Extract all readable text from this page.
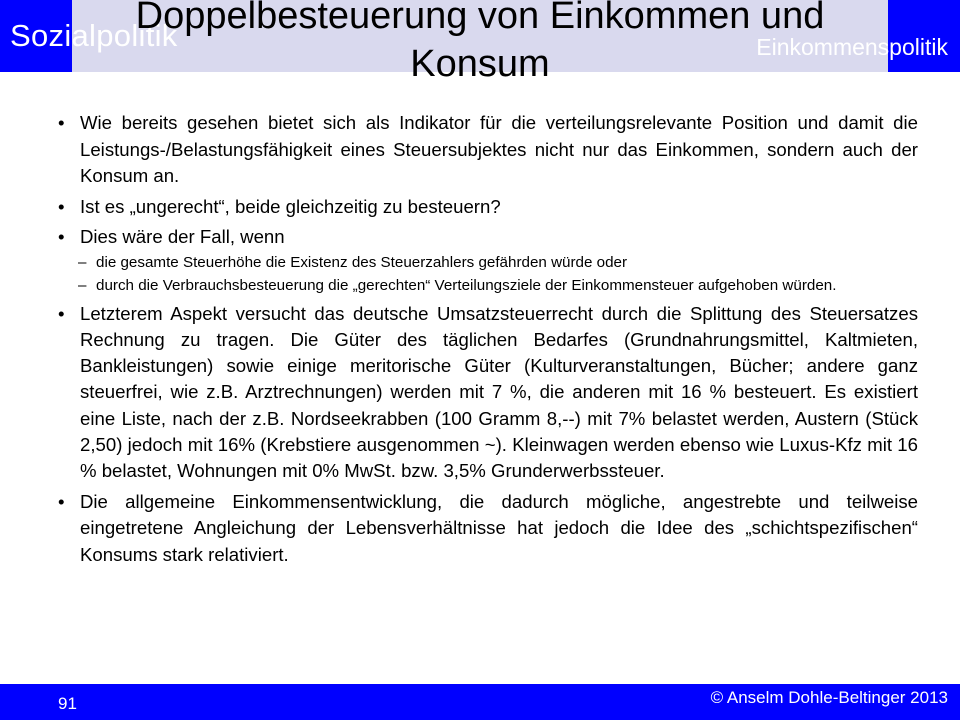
Sozialpolitik	Einkommenspolitik
Doppelbesteuerung von Einkommen und Konsum
• Wie bereits gesehen bietet sich als Indikator für die verteilungsrelevante Position und damit die Leistungs-/Belastungsfähigkeit eines Steuersubjektes nicht nur das Einkommen, sondern auch der Konsum an.
• Ist es „ungerecht“, beide gleichzeitig zu besteuern?
• Dies wäre der Fall, wenn
– die gesamte Steuerhöhe die Existenz des Steuerzahlers gefährden würde oder
– durch die Verbrauchsbesteuerung die „gerechten“ Verteilungsziele der Einkommensteuer aufgehoben würden.
• Letzterem Aspekt versucht das deutsche Umsatzsteuerrecht durch die Splittung des Steuersatzes Rechnung zu tragen. Die Güter des täglichen Bedarfes (Grundnahrungsmittel, Kaltmieten, Bankleistungen) sowie einige meritorische Güter (Kulturveranstaltungen, Bücher; andere ganz steuerfrei, wie z.B. Arztrechnungen) werden mit 7 %, die anderen mit 16 % besteuert. Es existiert eine Liste, nach der z.B. Nordseekrabben (100 Gramm 8,--) mit 7% belastet werden, Austern (Stück 2,50) jedoch mit 16% (Krebstiere ausgenommen ~). Kleinwagen werden ebenso wie Luxus-Kfz mit 16 % belastet, Wohnungen mit 0% MwSt. bzw. 3,5% Grunderwerbssteuer.
• Die allgemeine Einkommensentwicklung, die dadurch mögliche, angestrebte und teilweise eingetretene Angleichung der Lebensverhältnisse hat jedoch die Idee des „schichtspezifischen“ Konsums stark relativiert.
91	© Anselm Dohle-Beltinger 2013
